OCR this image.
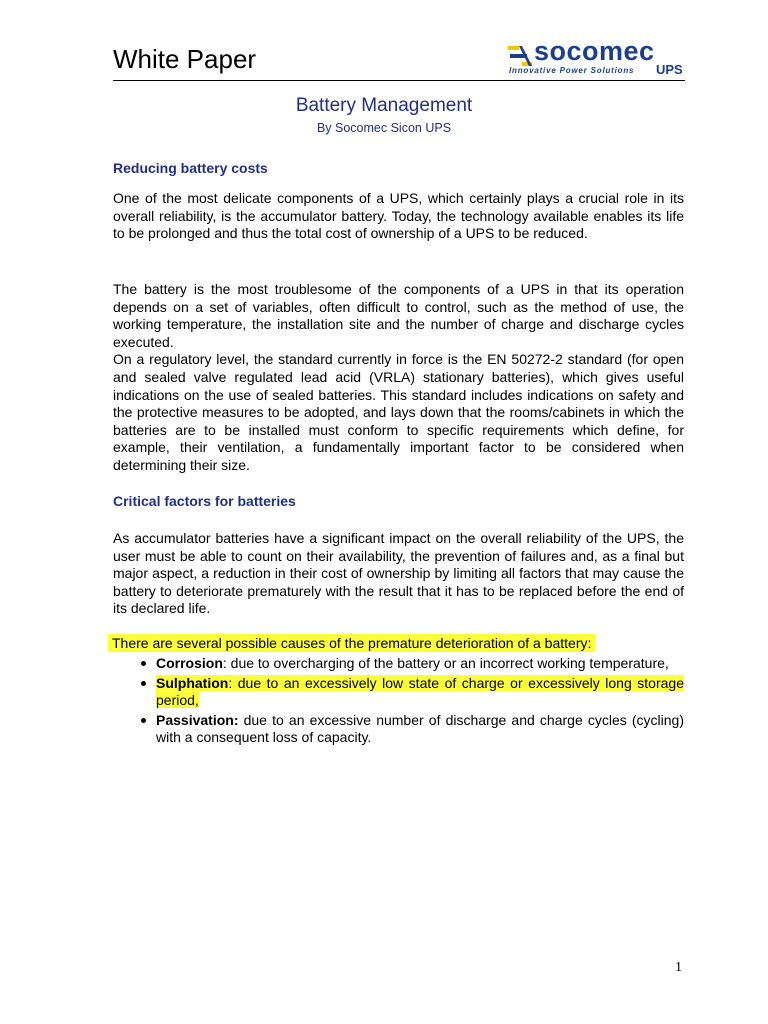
White Paper	socomec
Innovative Power Solutions UPS
Battery Management
By Socomec Sicon UPS
Reducing battery costs

One of the most delicate components of a UPS, which certainly plays a crucial role in its overall reliability, is the accumulator battery. Today, the technology available enables its life to be prolonged and thus the total cost of ownership of a UPS to be reduced.

The battery is the most troublesome of the components of a UPS in that its operation depends on a set of variables, often difficult to control, such as the method of use, the working temperature, the installation site and the number of charge and discharge cycles executed.

On a regulatory level, the standard currently in force is the EN 50272-2 standard (for open and sealed valve regulated lead acid (VRLA) stationary batteries), which gives useful indications on the use of sealed batteries. This standard includes indications on safety and the protective measures to be adopted, and lays down that the rooms/cabinets in which the batteries are to be installed must conform to specific requirements which define, for example, their ventilation, a fundamentally important factor to be considered when determining their size.

Critical factors for batteries

As accumulator batteries have a significant impact on the overall reliability of the UPS, the user must be able to count on their availability, the prevention of failures and, as a final but major aspect, a reduction in their cost of ownership by limiting all factors that may cause the battery to deteriorate prematurely with the result that it has to be replaced before the end of its declared life.

There are several possible causes of the premature deterioration of a battery:
Corrosion: due to overcharging of the battery or an incorrect working temperature,
Sulphation: due to an excessively low state of charge or excessively long storage period,
Passivation: due to an excessive number of discharge and charge cycles (cycling) with a consequent loss of capacity.
1
